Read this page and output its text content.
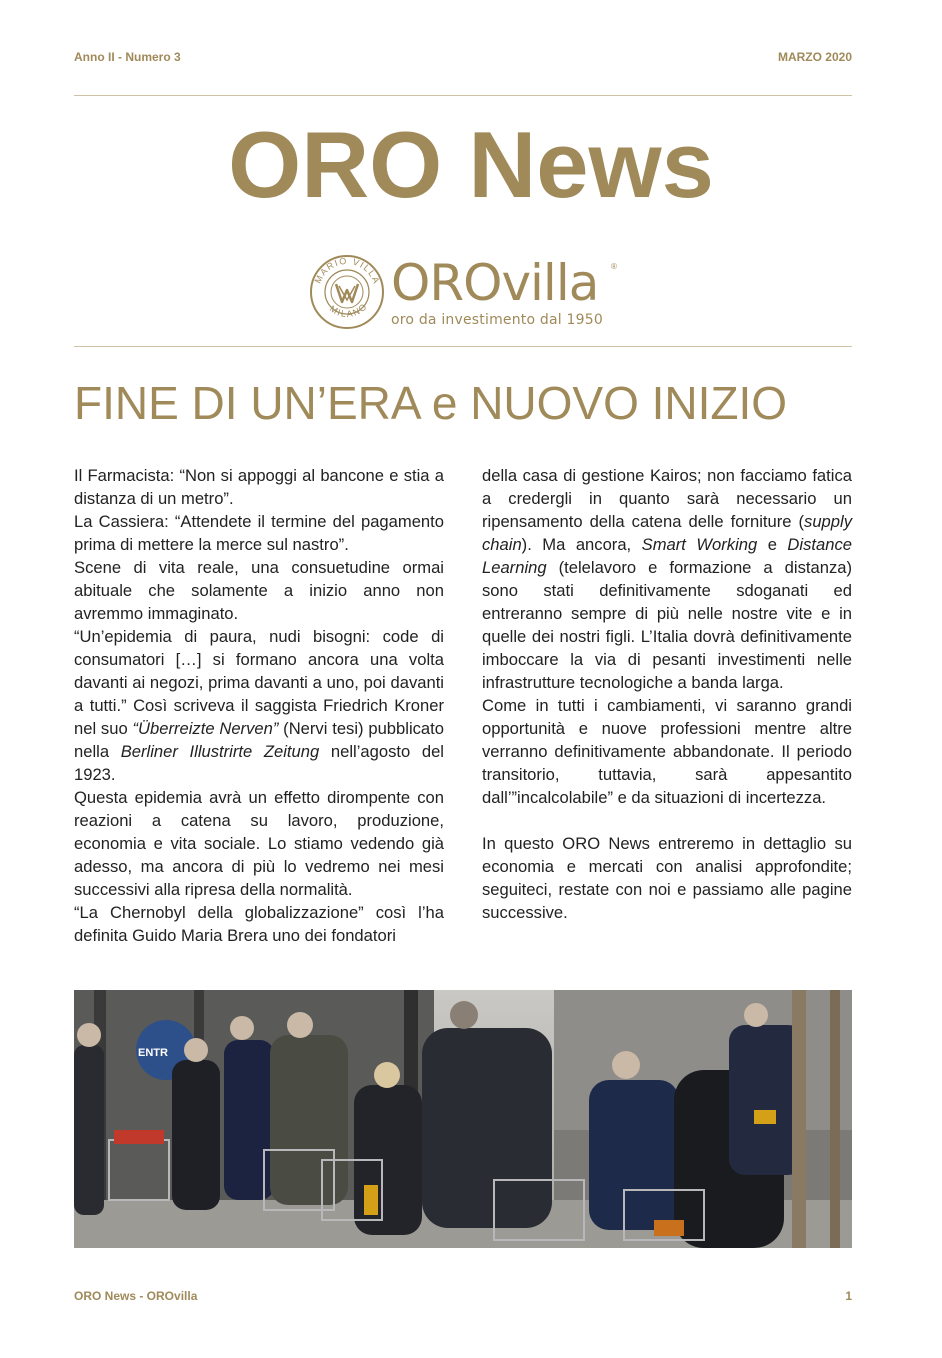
Anno II - Numero 3	MARZO 2020
ORO News
MARIO VILLA
MILANO OROvilla ®
oro da investimento dal 1950
FINE DI UN’ERA e NUOVO INIZIO

Il Farmacista: “Non si appoggi al bancone e stia a distanza di un metro”.

La Cassiera: “Attendete il termine del pagamento prima di mettere la merce sul nastro”.

Scene di vita reale, una consuetudine ormai abituale che solamente a inizio anno non avremmo immaginato.

“Un’epidemia di paura, nudi bisogni: code di consumatori […] si formano ancora una volta davanti ai negozi, prima davanti a uno, poi davanti a tutti.” Così scriveva il saggista Friedrich Kroner nel suo “Überreizte Nerven” (Nervi tesi) pubblicato nella Berliner Illustrirte Zeitung nell’agosto del 1923.

Questa epidemia avrà un effetto dirompente con reazioni a catena su lavoro, produzione, economia e vita sociale. Lo stiamo vedendo già adesso, ma ancora di più lo vedremo nei mesi successivi alla ripresa della normalità.

“La Chernobyl della globalizzazione” così l’ha definita Guido Maria Brera uno dei fondatori

della casa di gestione Kairos; non facciamo fatica a credergli in quanto sarà necessario un ripensamento della catena delle forniture (supply chain). Ma ancora, Smart Working e Distance Learning (telelavoro e formazione a distanza) sono stati definitivamente sdoganati ed entreranno sempre di più nelle nostre vite e in quelle dei nostri figli. L’Italia dovrà definitivamente imboccare la via di pesanti investimenti nelle infrastrutture tecnologiche a banda larga.

Come in tutti i cambiamenti, vi saranno grandi opportunità e nuove professioni mentre altre verranno definitivamente abbandonate. Il periodo transitorio, tuttavia, sarà appesantito dall’”incalcolabile” e da situazioni di incertezza.

In questo ORO News entreremo in dettaglio su economia e mercati con analisi approfondite; seguiteci, restate con noi e passiamo alle pagine successive.

ENTR
ORO News - OROvilla	1
